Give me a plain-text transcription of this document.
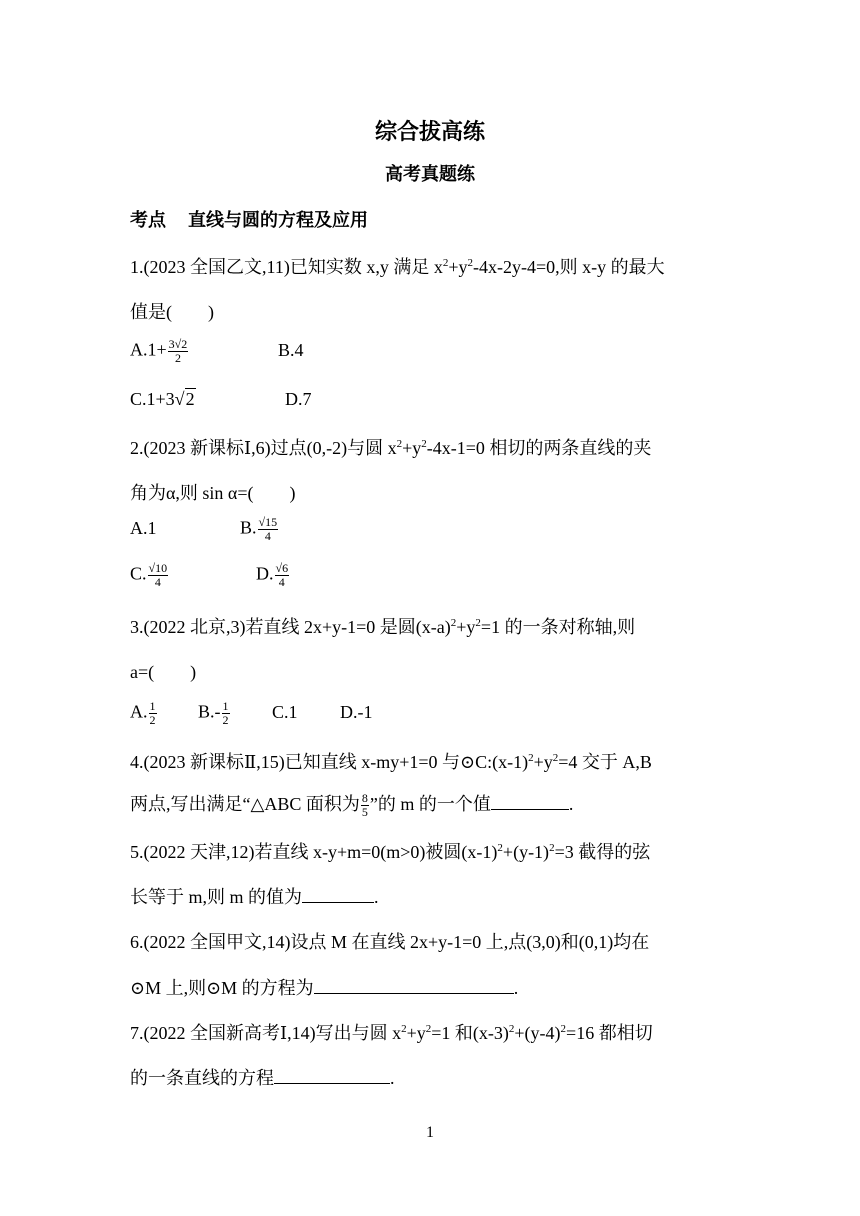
综合拔高练
高考真题练
考点 直线与圆的方程及应用
1.(2023 全国乙文,11)已知实数 x,y 满足 $x^2+y^2-4x-2y-4=0$,则 x-y 的最大
值是(　　)
$A.1+ \frac{3√2}{2}$	B.4
C.1+3√2	D.7
2.(2023 新课标Ⅰ,6)过点(0,-2)与圆 $x^2+y^2-4x-1=0$ 相切的两条直线的夹
角为α,则 sin α=(　　)
A.1	B. $\frac{√15}{4}$
C. $\frac{√10}{4}$	D. $\frac{√6}{4}$
3.(2022 北京,3)若直线 2x+y-1=0 是圆$(x-a)^2+y^2=1$ 的一条对称轴,则
a=(　　)
A. $\frac{1}{2} B.- \frac{1}{2} C.1$ D.-1
4.(2023 新课标Ⅱ,15)已知直线 x-my+1=0 与$⊙C:(x-1)^2+y^2=4$ 交于 A,B
两点,写出满足“△ABC 面积为 $\frac{8}{5}$ ”的 m 的一个值	.
5.(2022 天津,12)若直线 x-y+m=0(m>0)被圆$(x-1)^2+(y-1)^2=3$ 截得的弦
长等于 m,则 m 的值为	.
6.(2022 全国甲文,14)设点 M 在直线 2x+y-1=0 上,点(3,0)和(0,1)均在
⊙M 上,则⊙M 的方程为	.
7.(2022 全国新高考Ⅰ,14)写出与圆 $x^2+y^2=1$ 和$(x-3)^2+(y-4)^2=16$ 都相切
的一条直线的方程	.
1
